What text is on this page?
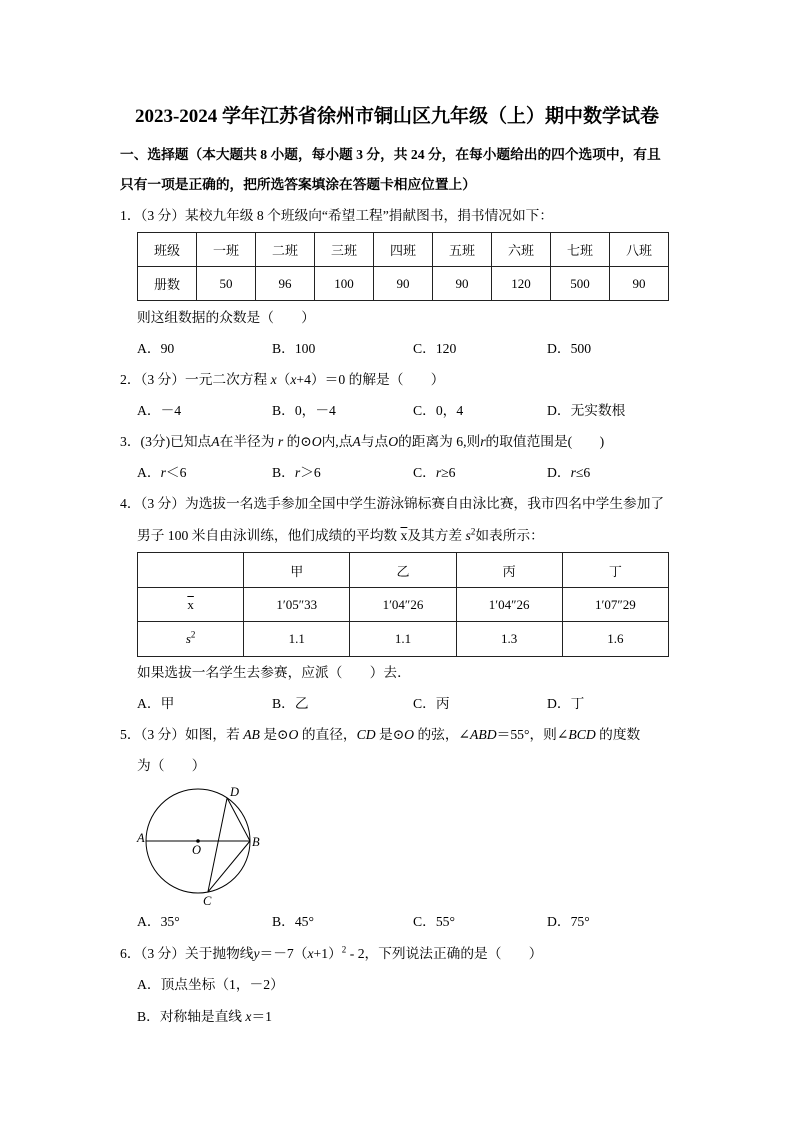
2023-2024 学年江苏省徐州市铜山区九年级（上）期中数学试卷
一、选择题（本大题共 8 小题，每小题 3 分，共 24 分，在每小题给出的四个选项中，有且
只有一项是正确的，把所选答案填涂在答题卡相应位置上）
1．（3 分）某校九年级 8 个班级向“希望工程”捐献图书，捐书情况如下：
班级	一班	二班	三班	四班	五班	六班	七班	八班
册数	50	96	100	90	90	120	500	90
则这组数据的众数是（　　）
A．90	B．100	C．120	D．500
2．（3 分）一元二次方程 x（x+4）＝0 的解是（　　）
A．－4	B．0，－4	C．0，4	D．无实数根
3．(3分)已知点A在半径为 r 的⊙O内,点A与点O的距离为 6,则r的取值范围是(　　)
A．r＜6	B．r＞6	C．r≥6	D．r≤6
4．（3 分）为选拔一名选手参加全国中学生游泳锦标赛自由泳比赛，我市四名中学生参加了
男子 100 米自由泳训练，他们成绩的平均数 $\overline{x}$及其方差 $s^2$如表所示：
	甲	乙	丙	丁
$\overline{x}$	1′05″33	1′04″26	1′04″26	1′07″29
$s^2$	1.1	1.1	1.3	1.6
如果选拔一名学生去参赛，应派（　　）去．
A．甲	B．乙	C．丙	D．丁
5．（3 分）如图，若 AB 是⊙O 的直径，CD 是⊙O 的弦，∠ABD＝55°，则∠BCD 的度数
为（　　）
A
O
B
D
C
A．35°	B．45°	C．55°	D．75°
6．（3 分）关于抛物线$y=-7(x+1)^2 - 2$，下列说法正确的是（　　）
A．顶点坐标（1，－2）
B．对称轴是直线 x＝1
